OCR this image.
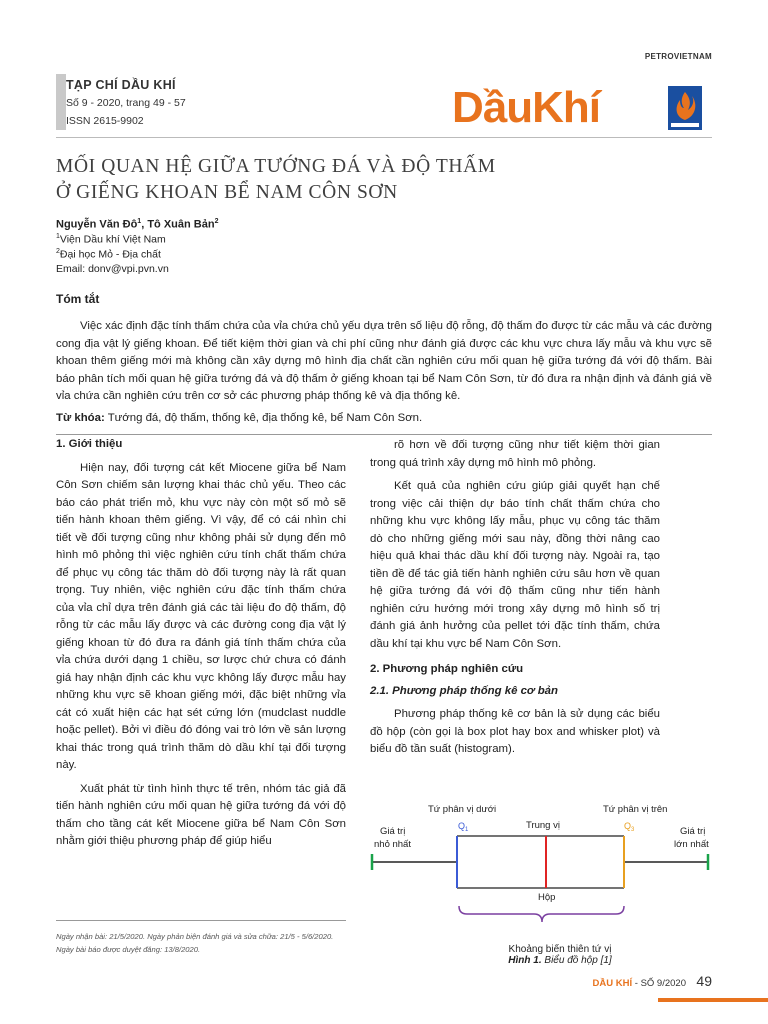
PETROVIETNAM
TẠP CHÍ DẦU KHÍ
Số 9 - 2020, trang 49 - 57
ISSN 2615-9902	DầuKhí
MỐI QUAN HỆ GIỮA TƯỚNG ĐÁ VÀ ĐỘ THẤM
Ở GIẾNG KHOAN BỂ NAM CÔN SƠN
Nguyễn Văn $Đô^1$, Tô Xuân Bản$^2$
$^1$Viện Dầu khí Việt Nam
$^2$Đại học Mỏ - Địa chất
Email: donv@vpi.pvn.vn
Tóm tắt

Việc xác định đặc tính thấm chứa của vỉa chứa chủ yếu dựa trên số liệu độ rỗng, độ thấm đo được từ các mẫu và các đường cong địa vật lý giếng khoan. Để tiết kiệm thời gian và chi phí cũng như đánh giá được các khu vực chưa lấy mẫu và khu vực sẽ khoan thêm giếng mới mà không cần xây dựng mô hình địa chất cần nghiên cứu mối quan hệ giữa tướng đá với độ thấm. Bài báo phân tích mối quan hệ giữa tướng đá và độ thấm ở giếng khoan tại bể Nam Côn Sơn, từ đó đưa ra nhận định và đánh giá về vỉa chứa cần nghiên cứu trên cơ sở các phương pháp thống kê và địa thống kê.

Từ khóa: Tướng đá, độ thấm, thống kê, địa thống kê, bể Nam Côn Sơn.
1. Giới thiệu

Hiện nay, đối tượng cát kết Miocene giữa bể Nam Côn Sơn chiếm sản lượng khai thác chủ yếu. Theo các báo cáo phát triển mỏ, khu vực này còn một số mỏ sẽ tiến hành khoan thêm giếng. Vì vậy, để có cái nhìn chi tiết về đối tượng cũng như không phải sử dụng đến mô hình mô phỏng thì việc nghiên cứu tính chất thấm chứa để phục vụ công tác thăm dò đối tượng này là rất quan trọng. Tuy nhiên, việc nghiên cứu đặc tính thấm chứa của vỉa chỉ dựa trên đánh giá các tài liệu đo độ thấm, độ rỗng từ các mẫu lấy được và các đường cong địa vật lý giếng khoan từ đó đưa ra đánh giá tính thấm chứa của vỉa chứa dưới dạng 1 chiều, sơ lược chứ chưa có đánh giá hay nhận định các khu vực không lấy được mẫu hay những khu vực sẽ khoan giếng mới, đặc biệt những vỉa cát có xuất hiện các hạt sét cứng lớn (mudclast nuddle hoặc pellet). Bởi vì điều đó đóng vai trò lớn về sản lượng khai thác trong quá trình thăm dò dầu khí tại đối tượng này.

Xuất phát từ tình hình thực tế trên, nhóm tác giả đã tiến hành nghiên cứu mối quan hệ giữa tướng đá với độ thấm cho tầng cát kết Miocene giữa bể Nam Côn Sơn nhằm giới thiệu phương pháp để giúp hiểu

rõ hơn về đối tượng cũng như tiết kiệm thời gian trong quá trình xây dựng mô hình mô phỏng.

Kết quả của nghiên cứu giúp giải quyết hạn chế trong việc cải thiện dự báo tính chất thấm chứa cho những khu vực không lấy mẫu, phục vụ công tác thăm dò cho những giếng mới sau này, đồng thời nâng cao hiệu quả khai thác dầu khí đối tượng này. Ngoài ra, tạo tiền đề để tác giả tiến hành nghiên cứu sâu hơn về quan hệ giữa tướng đá với độ thấm cũng như tiến hành nghiên cứu hướng mới trong xây dựng mô hình số trị đánh giá ảnh hưởng của pellet tới đặc tính thấm, chứa dầu khí tại khu vực bể Nam Côn Sơn.

2. Phương pháp nghiên cứu
2.1. Phương pháp thống kê cơ bản

Phương pháp thống kê cơ bản là sử dụng các biểu đồ hộp (còn gọi là box plot hay box and whisker plot) và biểu đồ tần suất (histogram).

Tứ phân vị dưới
$Q_1$	Trung vị
Tứ phân vị trên
$Q_3$
Giá trị
nhỏ nhất
Giá trị
lớn nhất
Hộp
Khoảng biến thiên tứ vị
Hình 1. Biểu đồ hộp [1]
Ngày nhận bài: 21/5/2020. Ngày phản biện đánh giá và sửa chữa: 21/5 - 5/6/2020.
Ngày bài báo được duyệt đăng: 13/8/2020.
DẦU KHÍ - SỐ 9/2020 49
